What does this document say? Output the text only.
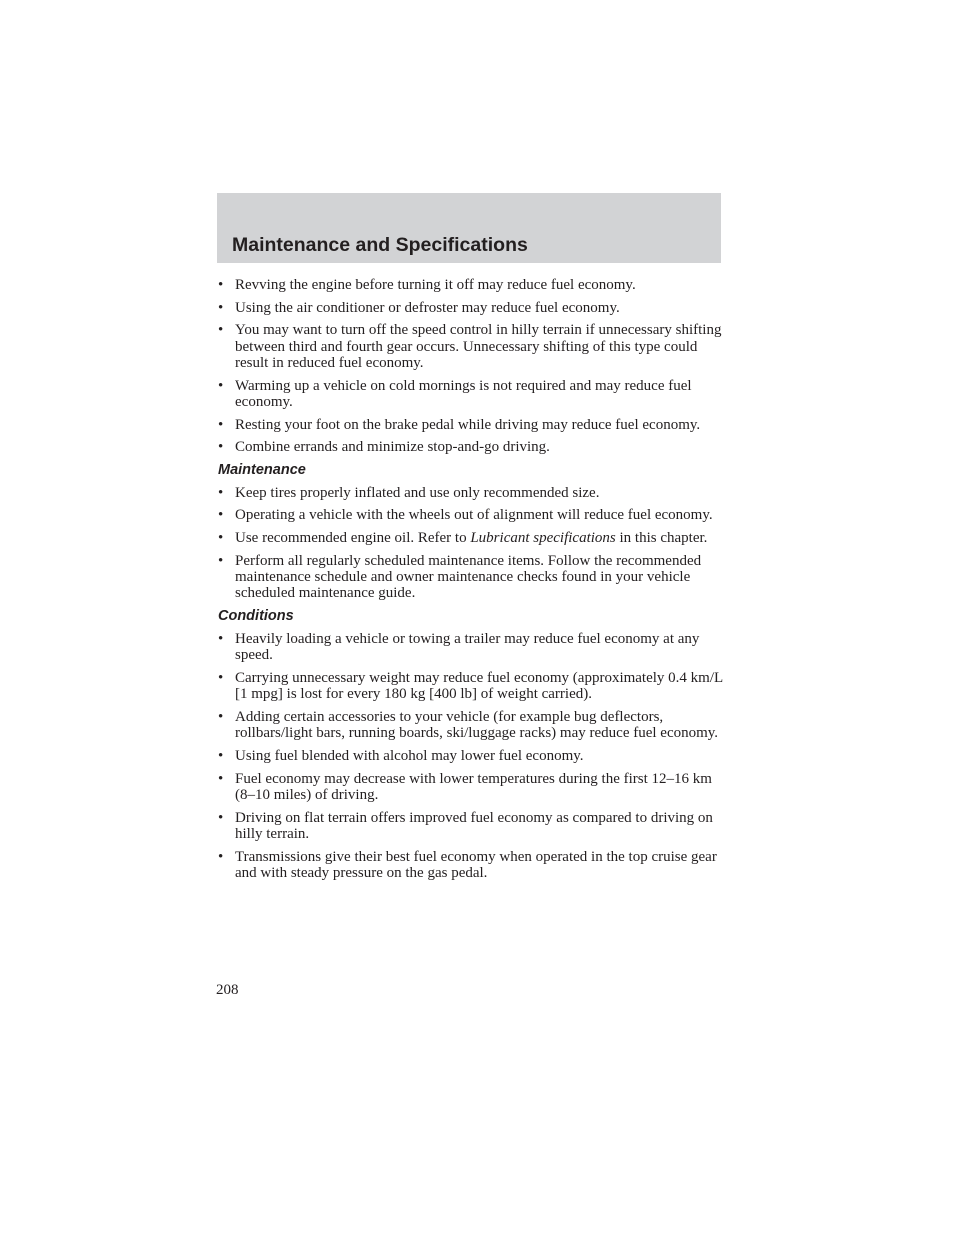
Maintenance and Specifications
• Revving the engine before turning it off may reduce fuel economy.
• Using the air conditioner or defroster may reduce fuel economy.
• You may want to turn off the speed control in hilly terrain if unnecessary shifting between third and fourth gear occurs. Unnecessary shifting of this type could result in reduced fuel economy.
• Warming up a vehicle on cold mornings is not required and may reduce fuel economy.
• Resting your foot on the brake pedal while driving may reduce fuel economy.
• Combine errands and minimize stop-and-go driving.
Maintenance
• Keep tires properly inflated and use only recommended size.
• Operating a vehicle with the wheels out of alignment will reduce fuel economy.
• Use recommended engine oil. Refer to Lubricant specifications in this chapter.
• Perform all regularly scheduled maintenance items. Follow the recommended maintenance schedule and owner maintenance checks found in your vehicle scheduled maintenance guide.
Conditions
• Heavily loading a vehicle or towing a trailer may reduce fuel economy at any speed.
• Carrying unnecessary weight may reduce fuel economy (approximately 0.4 km/L [1 mpg] is lost for every 180 kg [400 lb] of weight carried).
• Adding certain accessories to your vehicle (for example bug deflectors, rollbars/light bars, running boards, ski/luggage racks) may reduce fuel economy.
• Using fuel blended with alcohol may lower fuel economy.
• Fuel economy may decrease with lower temperatures during the first 12–16 km (8–10 miles) of driving.
• Driving on flat terrain offers improved fuel economy as compared to driving on hilly terrain.
• Transmissions give their best fuel economy when operated in the top cruise gear and with steady pressure on the gas pedal.
208
